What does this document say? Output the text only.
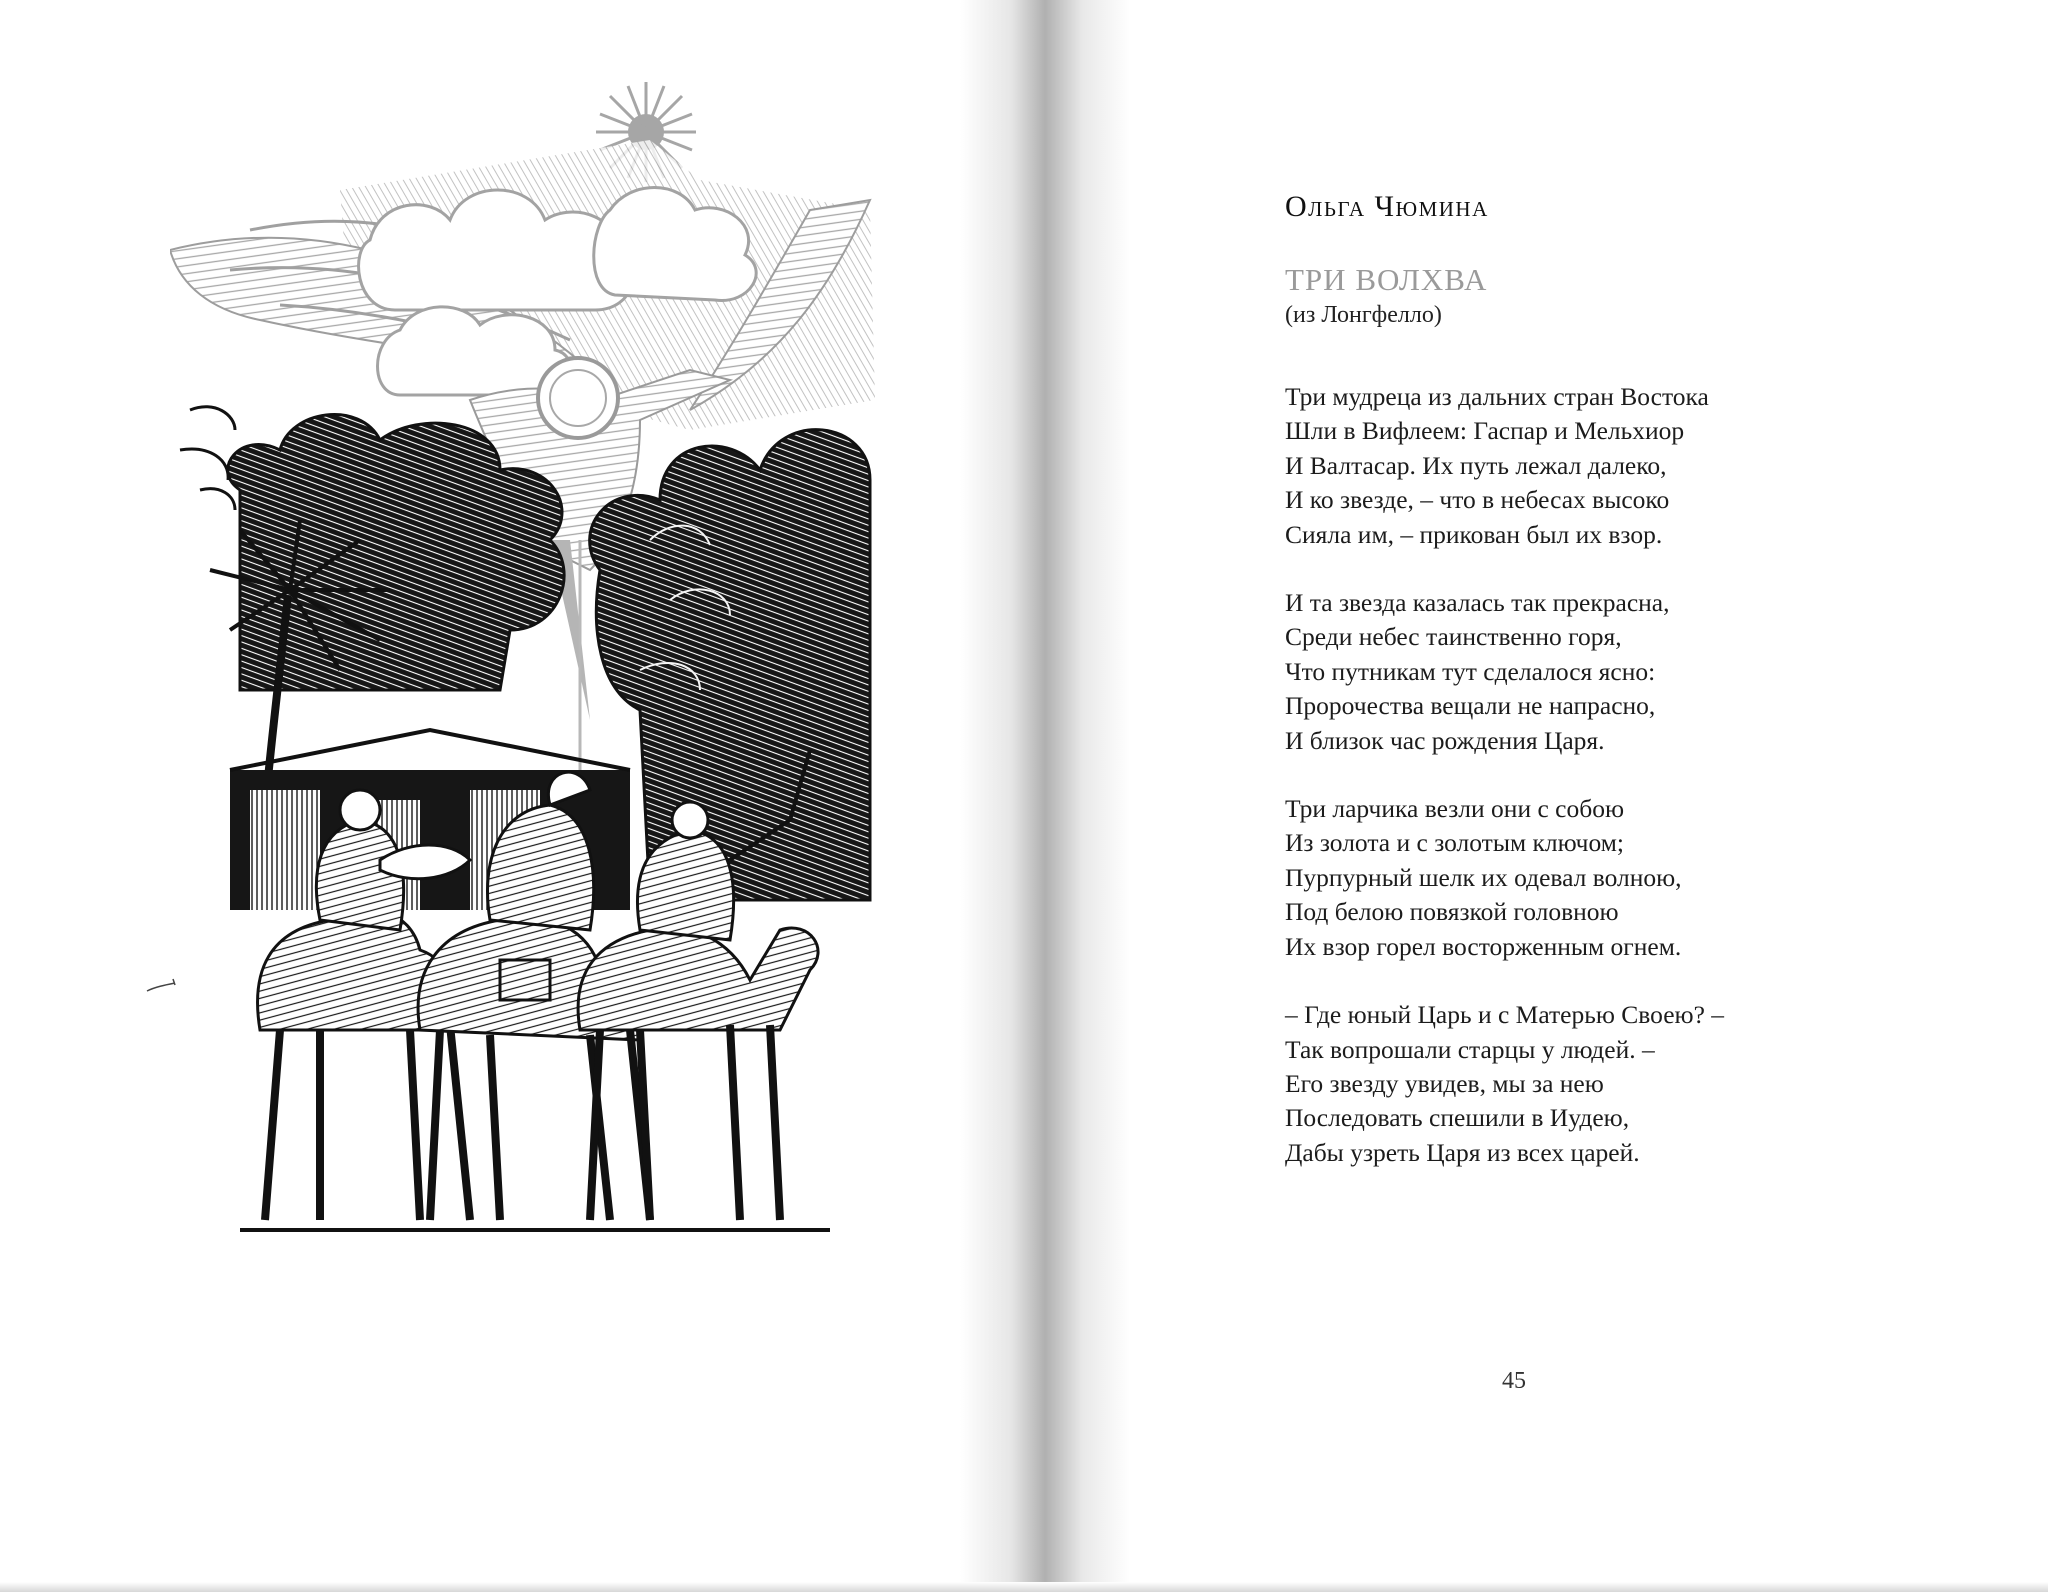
Ольга Чюмина
ТРИ ВОЛХВА
(из Лонгфелло)
Три мудреца из дальних стран Востока
Шли в Вифлеем: Гаспар и Мельхиор
И Валтасар. Их путь лежал далеко,
И ко звезде, – что в небесах высоко
Сияла им, – прикован был их взор.
И та звезда казалась так прекрасна,
Среди небес таинственно горя,
Что путникам тут сделалося ясно:
Пророчества вещали не напрасно,
И близок час рождения Царя.
Три ларчика везли они с собою
Из золота и с золотым ключом;
Пурпурный шелк их одевал волною,
Под белою повязкой головною
Их взор горел восторженным огнем.
– Где юный Царь и с Матерью Своею? –
Так вопрошали старцы у людей. –
Его звезду увидев, мы за нею
Последовать спешили в Иудею,
Дабы узреть Царя из всех царей.
45
